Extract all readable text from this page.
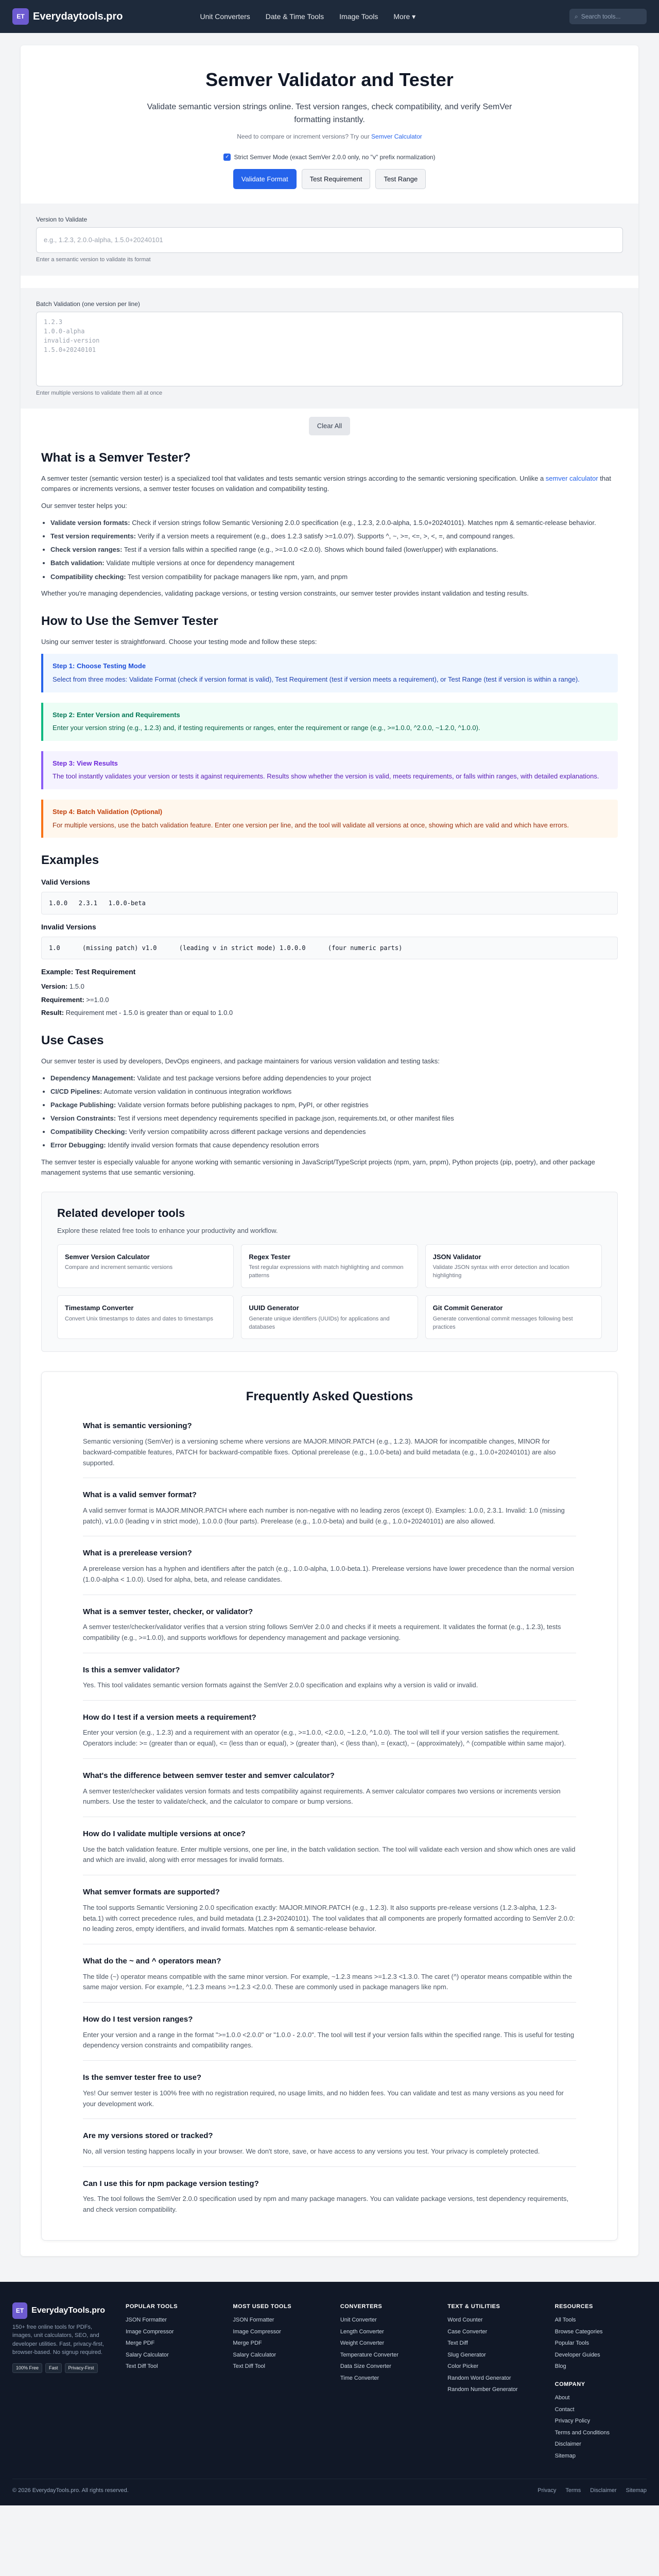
ET Everydaytools.pro	Unit Converters Date & Time Tools Image Tools More ▾	⌕ Search tools...
Semver Validator and Tester

Validate semantic version strings online. Test version ranges, check compatibility, and verify SemVer formatting instantly.

Need to compare or increment versions? Try our Semver Calculator

✓ Strict Semver Mode (exact SemVer 2.0.0 only, no "v" prefix normalization)
Validate Format	Test Requirement	Test Range
Version to Validate
e.g., 1.2.3, 2.0.0-alpha, 1.5.0+20240101
Enter a semantic version to validate its format
Batch Validation (one version per line)
1.2.3
1.0.0-alpha
invalid-version
1.5.0+20240101
Enter multiple versions to validate them all at once
Clear All
What is a Semver Tester?

A semver tester (semantic version tester) is a specialized tool that validates and tests semantic version strings according to the semantic versioning specification. Unlike a semver calculator that compares or increments versions, a semver tester focuses on validation and compatibility testing.

Our semver tester helps you:

• Validate version formats: Check if version strings follow Semantic Versioning 2.0.0 specification (e.g., 1.2.3, 2.0.0-alpha, 1.5.0+20240101). Matches npm & semantic-release behavior.
• Test version requirements: Verify if a version meets a requirement (e.g., does 1.2.3 satisfy >=1.0.0?). Supports ^, ~, >=, <=, >, <, =, and compound ranges.
• Check version ranges: Test if a version falls within a specified range (e.g., >=1.0.0 <2.0.0). Shows which bound failed (lower/upper) with explanations.
• Batch validation: Validate multiple versions at once for dependency management
• Compatibility checking: Test version compatibility for package managers like npm, yarn, and pnpm

Whether you're managing dependencies, validating package versions, or testing version constraints, our semver tester provides instant validation and testing results.

How to Use the Semver Tester

Using our semver tester is straightforward. Choose your testing mode and follow these steps:

Step 1: Choose Testing Mode

Select from three modes: Validate Format (check if version format is valid), Test Requirement (test if version meets a requirement), or Test Range (test if version is within a range).

Step 2: Enter Version and Requirements

Enter your version string (e.g., 1.2.3) and, if testing requirements or ranges, enter the requirement or range (e.g., >=1.0.0, ^2.0.0, ~1.2.0, ^1.0.0).

Step 3: View Results

The tool instantly validates your version or tests it against requirements. Results show whether the version is valid, meets requirements, or falls within ranges, with detailed explanations.

Step 4: Batch Validation (Optional)

For multiple versions, use the batch validation feature. Enter one version per line, and the tool will validate all versions at once, showing which are valid and which have errors.

Examples
Valid Versions
1.0.0   2.3.1   1.0.0-beta
Invalid Versions
1.0      (missing patch) v1.0      (leading v in strict mode) 1.0.0.0      (four numeric parts)
Example: Test Requirement
Version: 1.5.0
Requirement: >=1.0.0
Result: Requirement met - 1.5.0 is greater than or equal to 1.0.0
Use Cases

Our semver tester is used by developers, DevOps engineers, and package maintainers for various version validation and testing tasks:

• Dependency Management: Validate and test package versions before adding dependencies to your project
• CI/CD Pipelines: Automate version validation in continuous integration workflows
• Package Publishing: Validate version formats before publishing packages to npm, PyPI, or other registries
• Version Constraints: Test if versions meet dependency requirements specified in package.json, requirements.txt, or other manifest files
• Compatibility Checking: Verify version compatibility across different package versions and dependencies
• Error Debugging: Identify invalid version formats that cause dependency resolution errors

The semver tester is especially valuable for anyone working with semantic versioning in JavaScript/TypeScript projects (npm, yarn, pnpm), Python projects (pip, poetry), and other package management systems that use semantic versioning.

Related developer tools

Explore these related free tools to enhance your productivity and workflow.

Semver Version Calculator

Compare and increment semantic versions

Regex Tester

Test regular expressions with match highlighting and common patterns

JSON Validator

Validate JSON syntax with error detection and location highlighting

Timestamp Converter

Convert Unix timestamps to dates and dates to timestamps

UUID Generator

Generate unique identifiers (UUIDs) for applications and databases

Git Commit Generator

Generate conventional commit messages following best practices

Frequently Asked Questions
What is semantic versioning?

Semantic versioning (SemVer) is a versioning scheme where versions are MAJOR.MINOR.PATCH (e.g., 1.2.3). MAJOR for incompatible changes, MINOR for backward-compatible features, PATCH for backward-compatible fixes. Optional prerelease (e.g., 1.0.0-beta) and build metadata (e.g., 1.0.0+20240101) are also supported.

What is a valid semver format?

A valid semver format is MAJOR.MINOR.PATCH where each number is non-negative with no leading zeros (except 0). Examples: 1.0.0, 2.3.1. Invalid: 1.0 (missing patch), v1.0.0 (leading v in strict mode), 1.0.0.0 (four parts). Prerelease (e.g., 1.0.0-beta) and build (e.g., 1.0.0+20240101) are also allowed.

What is a prerelease version?

A prerelease version has a hyphen and identifiers after the patch (e.g., 1.0.0-alpha, 1.0.0-beta.1). Prerelease versions have lower precedence than the normal version (1.0.0-alpha < 1.0.0). Used for alpha, beta, and release candidates.

What is a semver tester, checker, or validator?

A semver tester/checker/validator verifies that a version string follows SemVer 2.0.0 and checks if it meets a requirement. It validates the format (e.g., 1.2.3), tests compatibility (e.g., >=1.0.0), and supports workflows for dependency management and package versioning.

Is this a semver validator?

Yes. This tool validates semantic version formats against the SemVer 2.0.0 specification and explains why a version is valid or invalid.

How do I test if a version meets a requirement?

Enter your version (e.g., 1.2.3) and a requirement with an operator (e.g., >=1.0.0, <2.0.0, ~1.2.0, ^1.0.0). The tool will tell if your version satisfies the requirement. Operators include: >= (greater than or equal), <= (less than or equal), > (greater than), < (less than), = (exact), ~ (approximately), ^ (compatible within same major).

What's the difference between semver tester and semver calculator?

A semver tester/checker validates version formats and tests compatibility against requirements. A semver calculator compares two versions or increments version numbers. Use the tester to validate/check, and the calculator to compare or bump versions.

How do I validate multiple versions at once?

Use the batch validation feature. Enter multiple versions, one per line, in the batch validation section. The tool will validate each version and show which ones are valid and which are invalid, along with error messages for invalid formats.

What semver formats are supported?

The tool supports Semantic Versioning 2.0.0 specification exactly: MAJOR.MINOR.PATCH (e.g., 1.2.3). It also supports pre-release versions (1.2.3-alpha, 1.2.3-beta.1) with correct precedence rules, and build metadata (1.2.3+20240101). The tool validates that all components are properly formatted according to SemVer 2.0.0: no leading zeros, empty identifiers, and invalid formats. Matches npm & semantic-release behavior.

What do the ~ and ^ operators mean?

The tilde (~) operator means compatible with the same minor version. For example, ~1.2.3 means >=1.2.3 <1.3.0. The caret (^) operator means compatible within the same major version. For example, ^1.2.3 means >=1.2.3 <2.0.0. These are commonly used in package managers like npm.

How do I test version ranges?

Enter your version and a range in the format ">=1.0.0 <2.0.0" or "1.0.0 - 2.0.0". The tool will test if your version falls within the specified range. This is useful for testing dependency version constraints and compatibility ranges.

Is the semver tester free to use?

Yes! Our semver tester is 100% free with no registration required, no usage limits, and no hidden fees. You can validate and test as many versions as you need for your development work.

Are my versions stored or tracked?

No, all version testing happens locally in your browser. We don't store, save, or have access to any versions you test. Your privacy is completely protected.

Can I use this for npm package version testing?

Yes. The tool follows the SemVer 2.0.0 specification used by npm and many package managers. You can validate package versions, test dependency requirements, and check version compatibility.

ET EverydayTools.pro

150+ free online tools for PDFs, images, unit calculators, SEO, and developer utilities. Fast, privacy-first, browser-based. No signup required.

100% Free	Fast	Privacy-First
POPULAR TOOLS
JSON Formatter
Image Compressor
Merge PDF
Salary Calculator
Text Diff Tool
MOST USED TOOLS
JSON Formatter
Image Compressor
Merge PDF
Salary Calculator
Text Diff Tool
CONVERTERS
Unit Converter
Length Converter
Weight Converter
Temperature Converter
Data Size Converter
Time Converter
TEXT & UTILITIES
Word Counter
Case Converter
Text Diff
Slug Generator
Color Picker
Random Word Generator
Random Number Generator
RESOURCES
All Tools
Browse Categories
Popular Tools
Developer Guides
Blog
COMPANY
About
Contact
Privacy Policy
Terms and Conditions
Disclaimer
Sitemap
© 2026 EverydayTools.pro. All rights reserved.	Privacy Terms Disclaimer Sitemap
